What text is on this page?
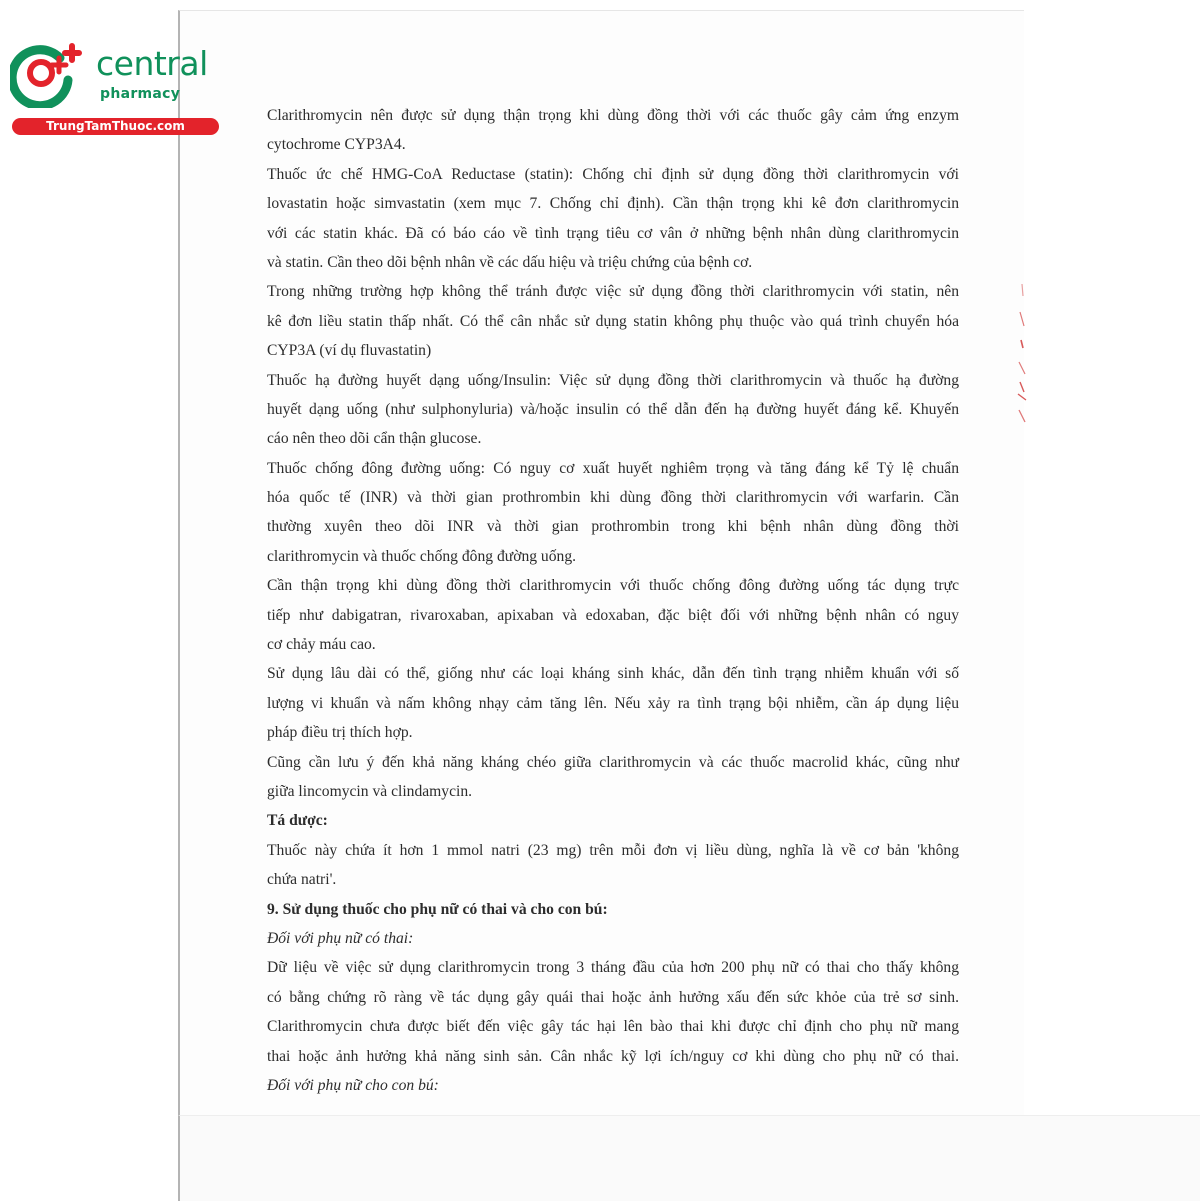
central
pharmacy
TrungTamThuoc.com
Clarithromycin nên được sử dụng thận trọng khi dùng đồng thời với các thuốc gây cảm ứng enzym
cytochrome CYP3A4.
Thuốc ức chế HMG-CoA Reductase (statin): Chống chỉ định sử dụng đồng thời clarithromycin với
lovastatin hoặc simvastatin (xem mục 7. Chống chỉ định). Cần thận trọng khi kê đơn clarithromycin
với các statin khác. Đã có báo cáo về tình trạng tiêu cơ vân ở những bệnh nhân dùng clarithromycin
và statin. Cần theo dõi bệnh nhân về các dấu hiệu và triệu chứng của bệnh cơ.
Trong những trường hợp không thể tránh được việc sử dụng đồng thời clarithromycin với statin, nên
kê đơn liều statin thấp nhất. Có thể cân nhắc sử dụng statin không phụ thuộc vào quá trình chuyển hóa
CYP3A (ví dụ fluvastatin)
Thuốc hạ đường huyết dạng uống/Insulin: Việc sử dụng đồng thời clarithromycin và thuốc hạ đường
huyết dạng uống (như sulphonyluria) và/hoặc insulin có thể dẫn đến hạ đường huyết đáng kể. Khuyến
cáo nên theo dõi cẩn thận glucose.
Thuốc chống đông đường uống: Có nguy cơ xuất huyết nghiêm trọng và tăng đáng kể Tỷ lệ chuẩn
hóa quốc tế (INR) và thời gian prothrombin khi dùng đồng thời clarithromycin với warfarin. Cần
thường xuyên theo dõi INR và thời gian prothrombin trong khi bệnh nhân dùng đồng thời
clarithromycin và thuốc chống đông đường uống.
Cần thận trọng khi dùng đồng thời clarithromycin với thuốc chống đông đường uống tác dụng trực
tiếp như dabigatran, rivaroxaban, apixaban và edoxaban, đặc biệt đối với những bệnh nhân có nguy
cơ chảy máu cao.
Sử dụng lâu dài có thể, giống như các loại kháng sinh khác, dẫn đến tình trạng nhiễm khuẩn với số
lượng vi khuẩn và nấm không nhạy cảm tăng lên. Nếu xảy ra tình trạng bội nhiễm, cần áp dụng liệu
pháp điều trị thích hợp.
Cũng cần lưu ý đến khả năng kháng chéo giữa clarithromycin và các thuốc macrolid khác, cũng như
giữa lincomycin và clindamycin.
Tá dược:
Thuốc này chứa ít hơn 1 mmol natri (23 mg) trên mỗi đơn vị liều dùng, nghĩa là về cơ bản 'không
chứa natri'.
9. Sử dụng thuốc cho phụ nữ có thai và cho con bú:
Đối với phụ nữ có thai:
Dữ liệu về việc sử dụng clarithromycin trong 3 tháng đầu của hơn 200 phụ nữ có thai cho thấy không
có bằng chứng rõ ràng về tác dụng gây quái thai hoặc ảnh hưởng xấu đến sức khỏe của trẻ sơ sinh.
Clarithromycin chưa được biết đến việc gây tác hại lên bào thai khi được chỉ định cho phụ nữ mang
thai hoặc ảnh hưởng khả năng sinh sản. Cân nhắc kỹ lợi ích/nguy cơ khi dùng cho phụ nữ có thai.
Đối với phụ nữ cho con bú:
